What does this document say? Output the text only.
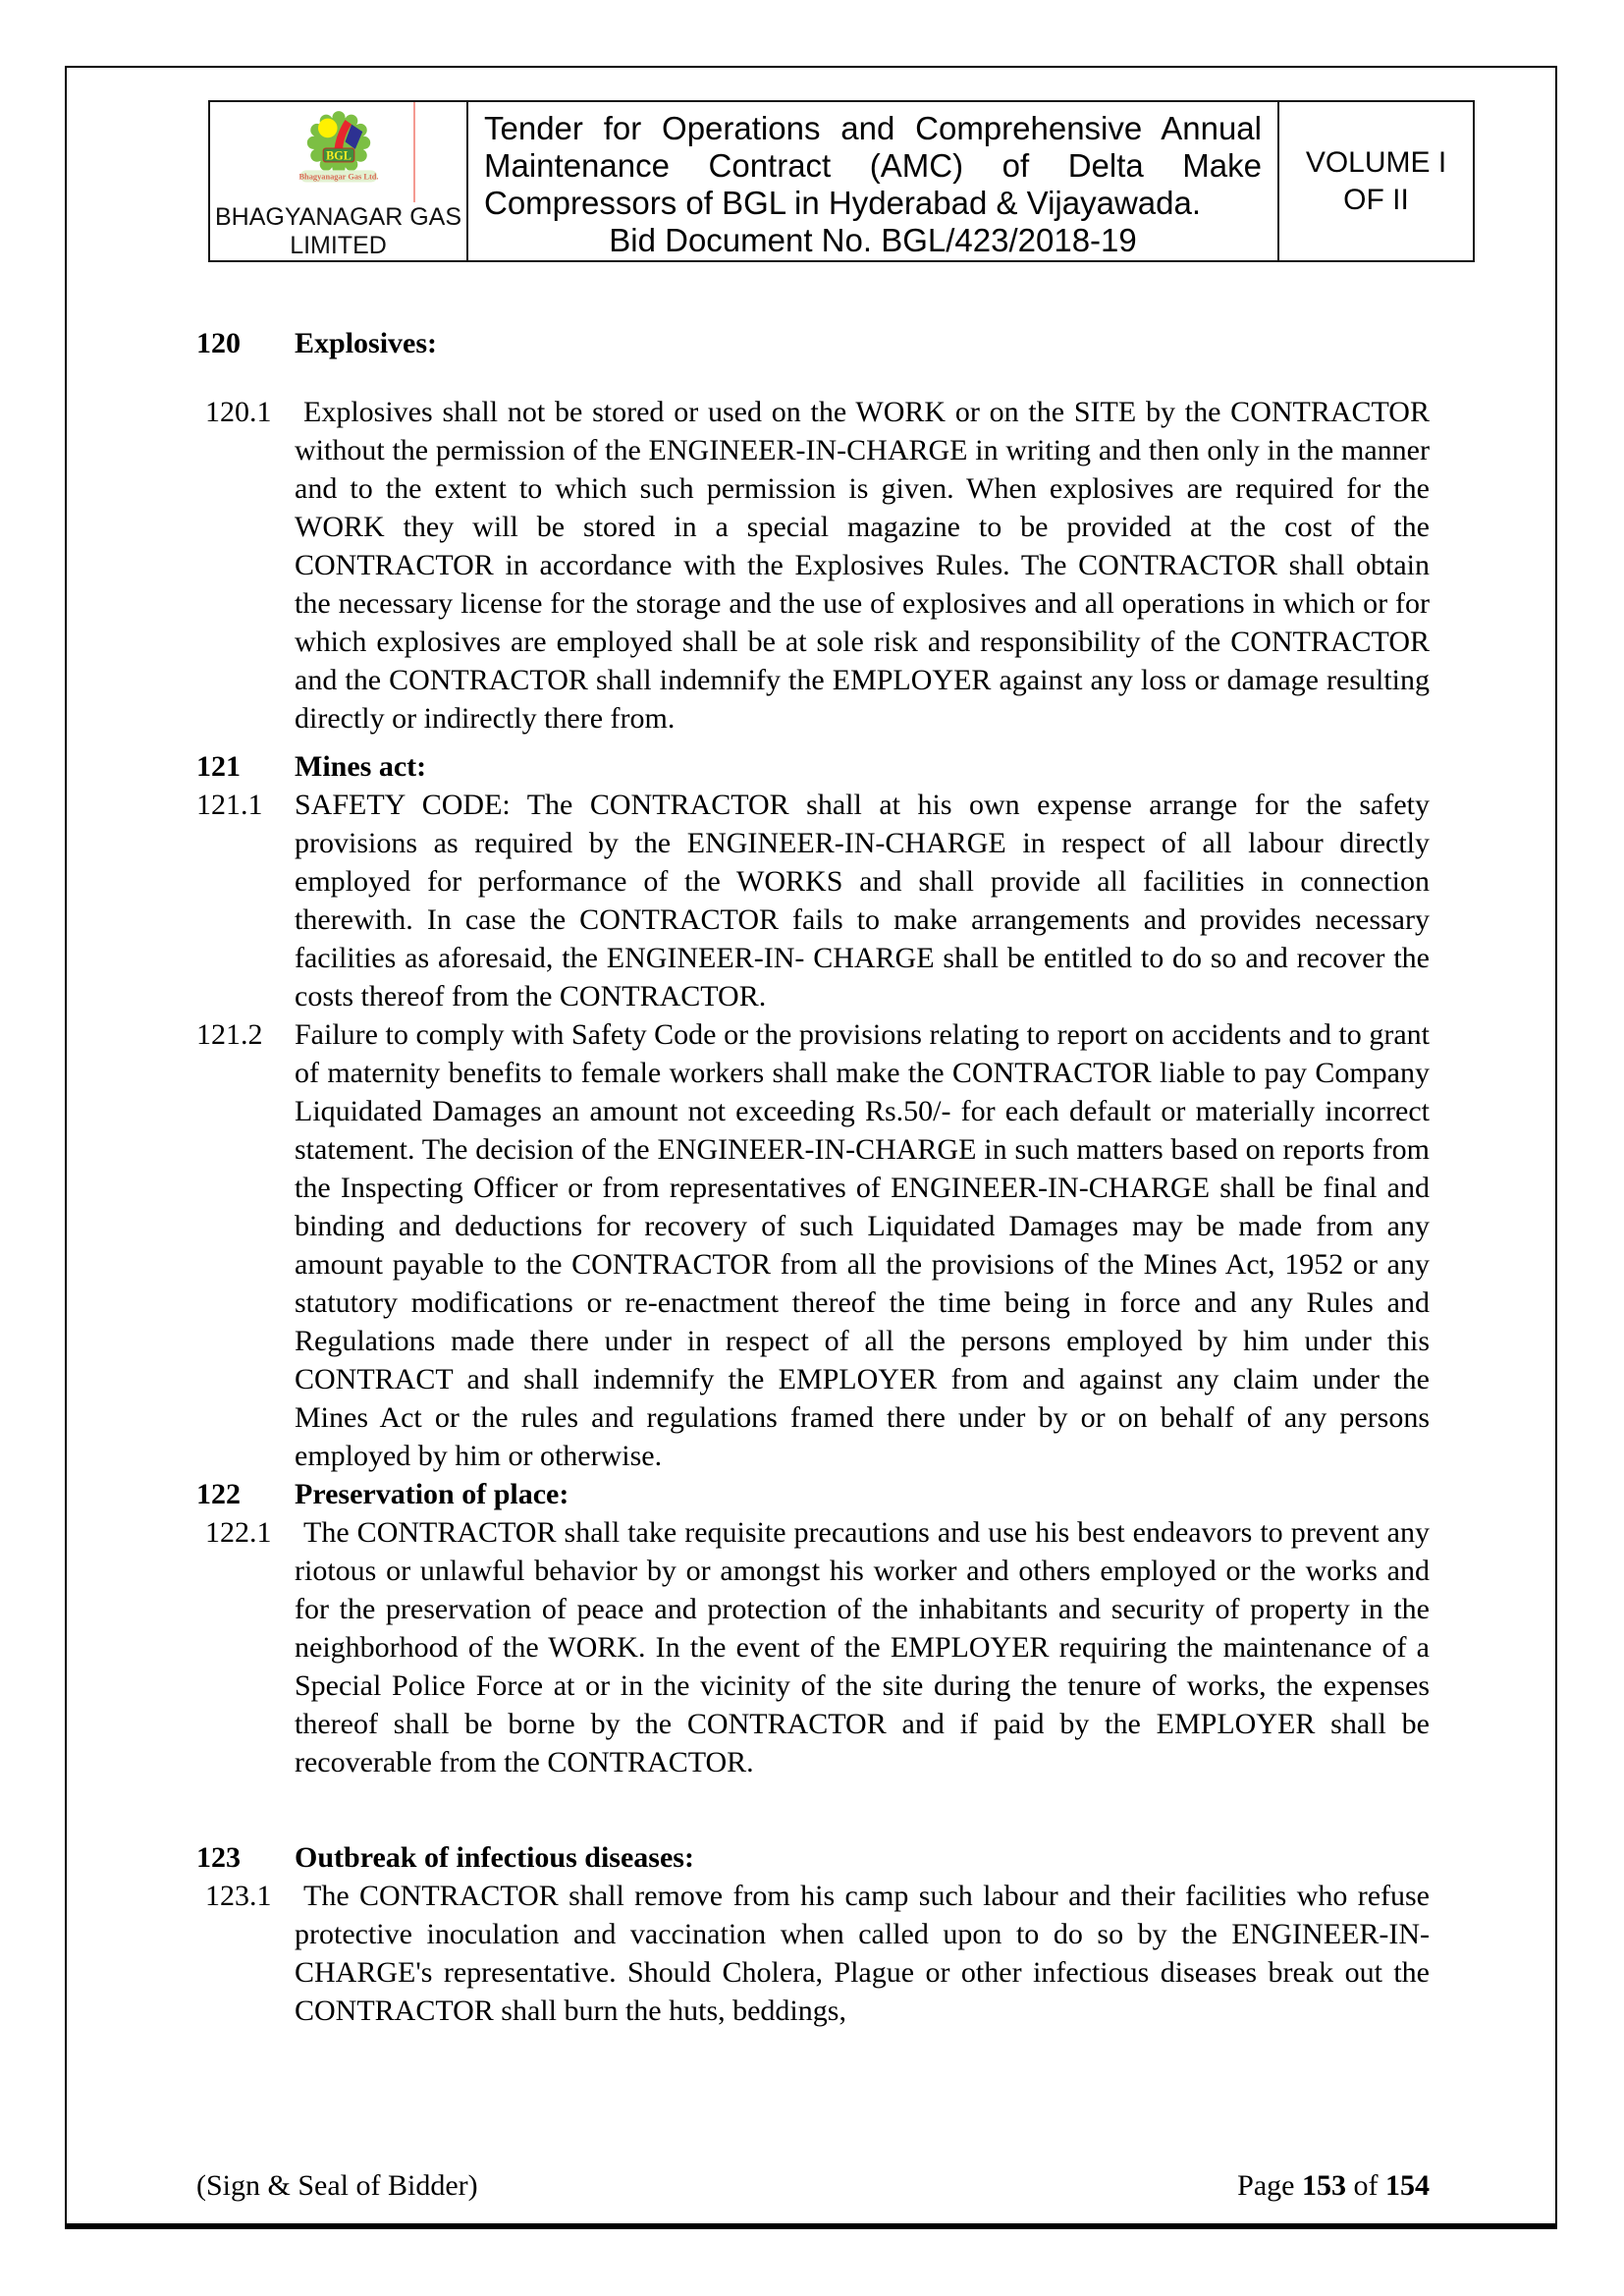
BGL
Bhagyanagar Gas Ltd.
BHAGYANAGAR GAS
LIMITED
Tender for Operations and Comprehensive Annual
Maintenance Contract (AMC) of Delta Make
Compressors of BGL in Hyderabad & Vijayawada.
Bid Document No. BGL/423/2018-19
VOLUME I
OF II
120 Explosives:
120.1 Explosives shall not be stored or used on the WORK or on the SITE by the CONTRACTOR without the permission of the ENGINEER-IN-CHARGE in writing and then only in the manner and to the extent to which such permission is given. When explosives are required for the WORK they will be stored in a special magazine to be provided at the cost of the CONTRACTOR in accordance with the Explosives Rules. The CONTRACTOR shall obtain the necessary license for the storage and the use of explosives and all operations in which or for which explosives are employed shall be at sole risk and responsibility of the CONTRACTOR and the CONTRACTOR shall indemnify the EMPLOYER against any loss or damage resulting directly or indirectly there from.
121 Mines act:
121.1 SAFETY CODE: The CONTRACTOR shall at his own expense arrange for the safety provisions as required by the ENGINEER-IN-CHARGE in respect of all labour directly employed for performance of the WORKS and shall provide all facilities in connection therewith. In case the CONTRACTOR fails to make arrangements and provides necessary facilities as aforesaid, the ENGINEER-IN- CHARGE shall be entitled to do so and recover the costs thereof from the CONTRACTOR.
121.2 Failure to comply with Safety Code or the provisions relating to report on accidents and to grant of maternity benefits to female workers shall make the CONTRACTOR liable to pay Company Liquidated Damages an amount not exceeding Rs.50/- for each default or materially incorrect statement. The decision of the ENGINEER-IN-CHARGE in such matters based on reports from the Inspecting Officer or from representatives of ENGINEER-IN-CHARGE shall be final and binding and deductions for recovery of such Liquidated Damages may be made from any amount payable to the CONTRACTOR from all the provisions of the Mines Act, 1952 or any statutory modifications or re-enactment thereof the time being in force and any Rules and Regulations made there under in respect of all the persons employed by him under this CONTRACT and shall indemnify the EMPLOYER from and against any claim under the Mines Act or the rules and regulations framed there under by or on behalf of any persons employed by him or otherwise.
122 Preservation of place:
122.1 The CONTRACTOR shall take requisite precautions and use his best endeavors to prevent any riotous or unlawful behavior by or amongst his worker and others employed or the works and for the preservation of peace and protection of the inhabitants and security of property in the neighborhood of the WORK. In the event of the EMPLOYER requiring the maintenance of a Special Police Force at or in the vicinity of the site during the tenure of works, the expenses thereof shall be borne by the CONTRACTOR and if paid by the EMPLOYER shall be recoverable from the CONTRACTOR.
123 Outbreak of infectious diseases:
123.1 The CONTRACTOR shall remove from his camp such labour and their facilities who refuse protective inoculation and vaccination when called upon to do so by the ENGINEER-IN-CHARGE's representative. Should Cholera, Plague or other infectious diseases break out the CONTRACTOR shall burn the huts, beddings,
(Sign & Seal of Bidder)	Page 153 of 154
